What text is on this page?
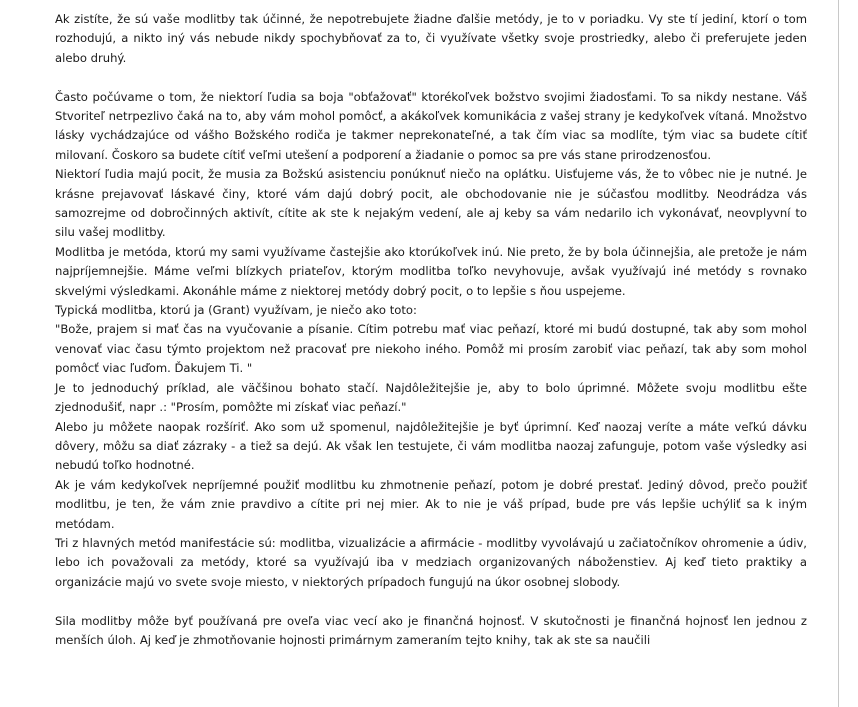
Ak zistíte, že sú vaše modlitby tak účinné, že nepotrebujete žiadne ďalšie metódy, je to v poriadku. Vy ste tí jediní, ktorí o tom rozhodujú, a nikto iný vás nebude nikdy spochybňovať za to, či využívate všetky svoje prostriedky, alebo či preferujete jeden alebo druhý.

Často počúvame o tom, že niektorí ľudia sa boja "obťažovať" ktorékoľvek božstvo svojimi žiadosťami. To sa nikdy nestane. Váš Stvoriteľ netrpezlivo čaká na to, aby vám mohol pomôcť, a akákoľvek komunikácia z vašej strany je kedykoľvek vítaná. Množstvo lásky vychádzajúce od vášho Božského rodiča je takmer neprekonateľné, a tak čím viac sa modlíte, tým viac sa budete cítiť milovaní. Čoskoro sa budete cítiť veľmi utešení a podporení a žiadanie o pomoc sa pre vás stane prirodzenosťou.

Niektorí ľudia majú pocit, že musia za Božskú asistenciu ponúknuť niečo na oplátku. Uisťujeme vás, že to vôbec nie je nutné. Je krásne prejavovať láskavé činy, ktoré vám dajú dobrý pocit, ale obchodovanie nie je súčasťou modlitby. Neodrádza vás samozrejme od dobročinných aktivít, cítite ak ste k nejakým vedení, ale aj keby sa vám nedarilo ich vykonávať, neovplyvní to silu vašej modlitby.

Modlitba je metóda, ktorú my sami využívame častejšie ako ktorúkoľvek inú. Nie preto, že by bola účinnejšia, ale pretože je nám najpríjemnejšie. Máme veľmi blízkych priateľov, ktorým modlitba toľko nevyhovuje, avšak využívajú iné metódy s rovnako skvelými výsledkami. Akonáhle máme z niektorej metódy dobrý pocit, o to lepšie s ňou uspejeme.

Typická modlitba, ktorú ja (Grant) využívam, je niečo ako toto:

"Bože, prajem si mať čas na vyučovanie a písanie. Cítim potrebu mať viac peňazí, ktoré mi budú dostupné, tak aby som mohol venovať viac času týmto projektom než pracovať pre niekoho iného. Pomôž mi prosím zarobiť viac peňazí, tak aby som mohol pomôcť viac ľuďom. Ďakujem Ti. "

Je to jednoduchý príklad, ale väčšinou bohato stačí. Najdôležitejšie je, aby to bolo úprimné. Môžete svoju modlitbu ešte zjednodušiť, napr .: "Prosím, pomôžte mi získať viac peňazí."

Alebo ju môžete naopak rozšíriť. Ako som už spomenul, najdôležitejšie je byť úprimní. Keď naozaj veríte a máte veľkú dávku dôvery, môžu sa diať zázraky - a tiež sa dejú. Ak však len testujete, či vám modlitba naozaj zafunguje, potom vaše výsledky asi nebudú toľko hodnotné.

Ak je vám kedykoľvek nepríjemné použiť modlitbu ku zhmotnenie peňazí, potom je dobré prestať. Jediný dôvod, prečo použiť modlitbu, je ten, že vám znie pravdivo a cítite pri nej mier. Ak to nie je váš prípad, bude pre vás lepšie uchýliť sa k iným metódam.

Tri z hlavných metód manifestácie sú: modlitba, vizualizácie a afirmácie - modlitby vyvolávajú u začiatočníkov ohromenie a údiv, lebo ich považovali za metódy, ktoré sa využívajú iba v medziach organizovaných náboženstiev. Aj keď tieto praktiky a organizácie majú vo svete svoje miesto, v niektorých prípadoch fungujú na úkor osobnej slobody.

Sila modlitby môže byť používaná pre oveľa viac vecí ako je finančná hojnosť. V skutočnosti je finančná hojnosť len jednou z menších úloh. Aj keď je zhmotňovanie hojnosti primárnym zameraním tejto knihy, tak ak ste sa naučili
